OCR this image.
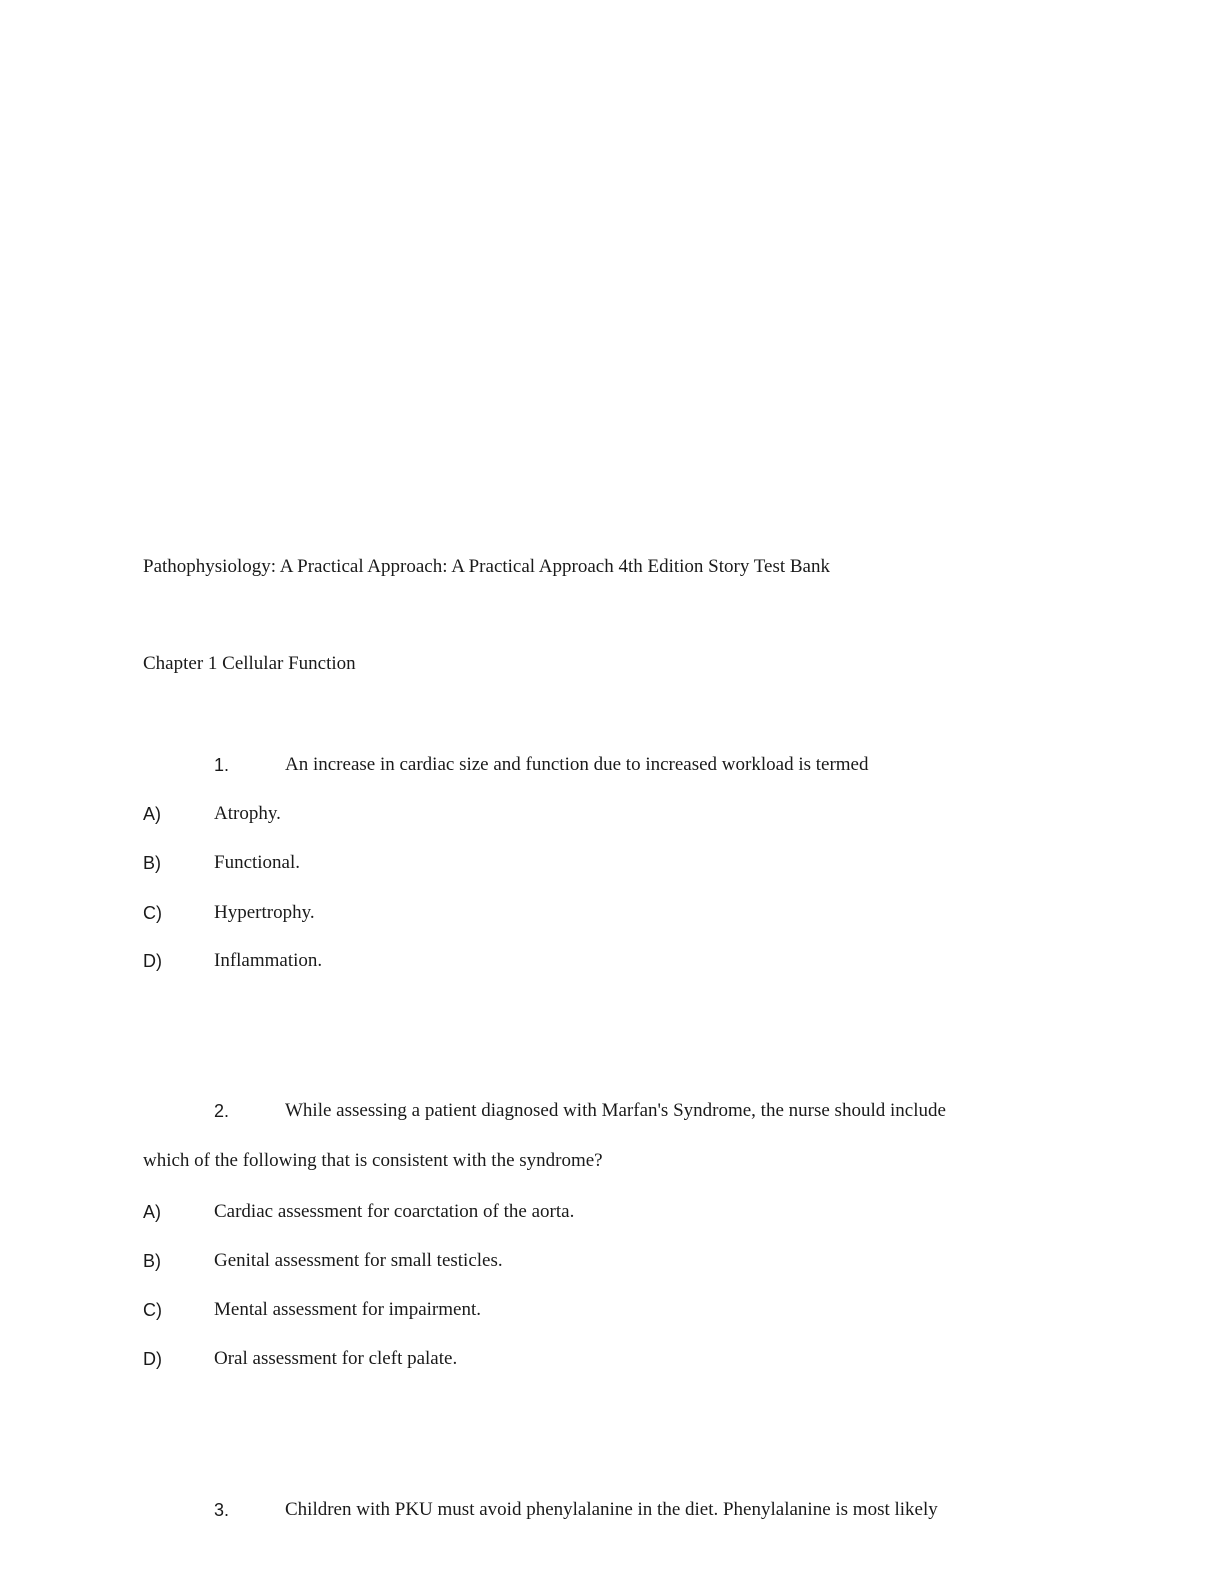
Pathophysiology: A Practical Approach: A Practical Approach 4th Edition Story Test Bank
Chapter 1 Cellular Function
1.	An increase in cardiac size and function due to increased workload is termed
A)	Atrophy.
B)	Functional.
C)	Hypertrophy.
D)	Inflammation.
2.	While assessing a patient diagnosed with Marfan's Syndrome, the nurse should include
which of the following that is consistent with the syndrome?
A)	Cardiac assessment for coarctation of the aorta.
B)	Genital assessment for small testicles.
C)	Mental assessment for impairment.
D)	Oral assessment for cleft palate.
3.	Children with PKU must avoid phenylalanine in the diet. Phenylalanine is most likely
